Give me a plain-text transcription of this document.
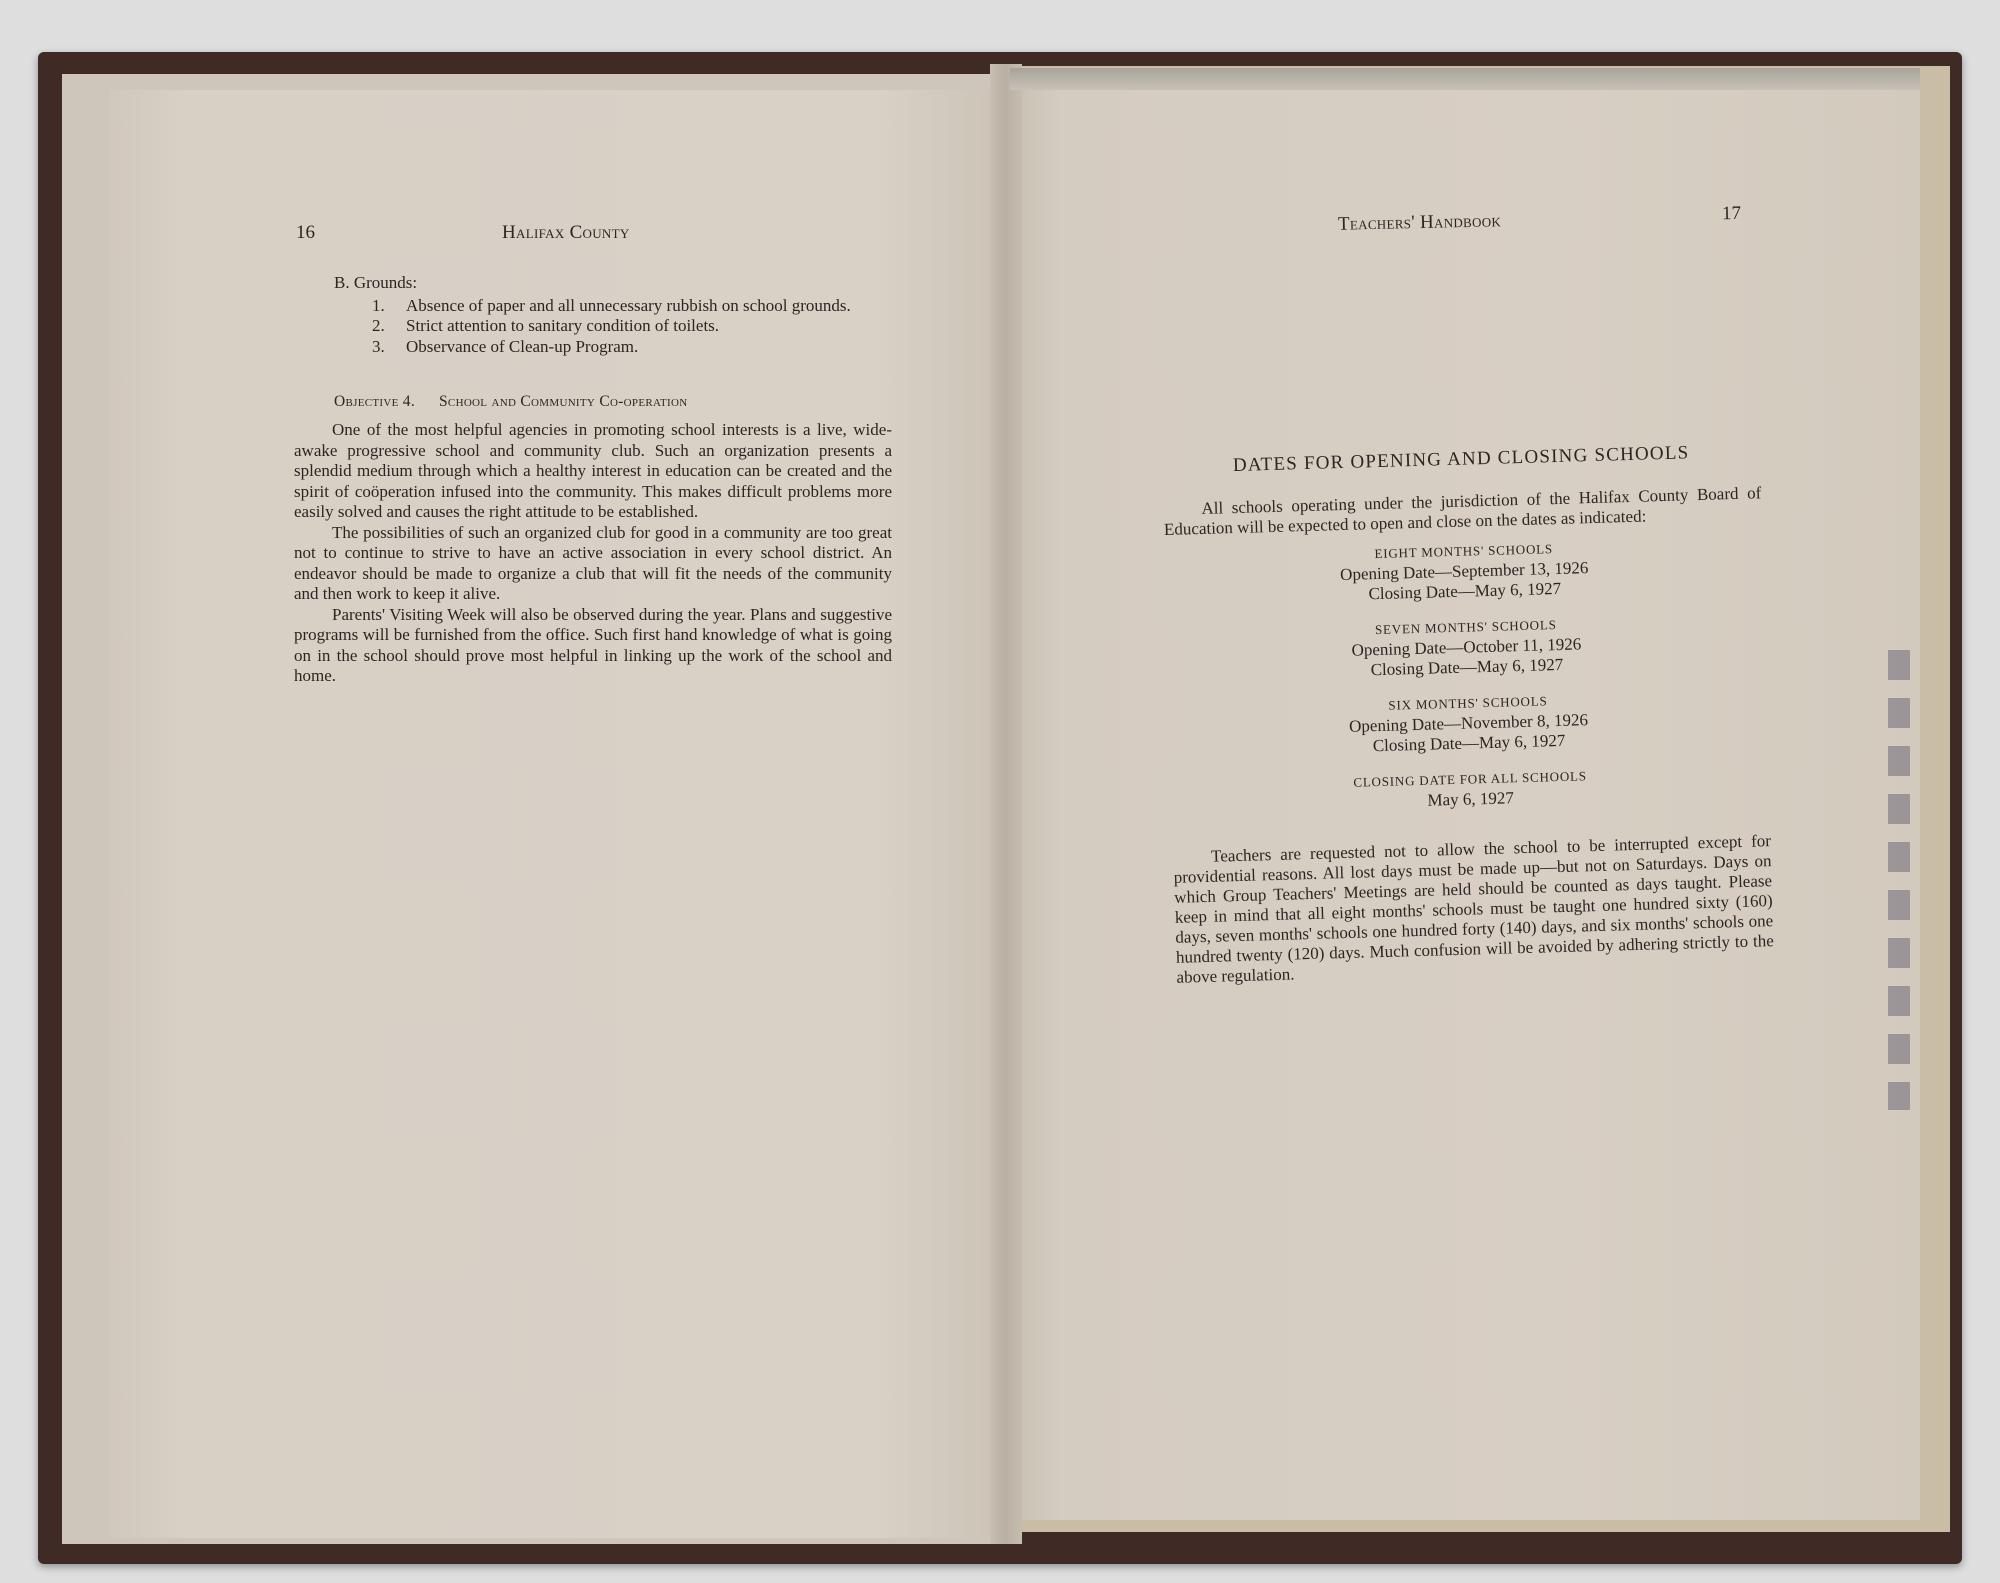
16	Halifax County
B. Grounds:
1.	Absence of paper and all unnecessary rubbish on school grounds.
2.	Strict attention to sanitary condition of toilets.
3.	Observance of Clean-up Program.
Objective 4. School and Community Co-operation

One of the most helpful agencies in promoting school interests is a live, wide-awake progressive school and community club. Such an organization presents a splendid medium through which a healthy interest in education can be created and the spirit of coöperation infused into the community. This makes difficult problems more easily solved and causes the right attitude to be established.

The possibilities of such an organized club for good in a community are too great not to continue to strive to have an active association in every school district. An endeavor should be made to organize a club that will fit the needs of the community and then work to keep it alive.

Parents' Visiting Week will also be observed during the year. Plans and suggestive programs will be furnished from the office. Such first hand knowledge of what is going on in the school should prove most helpful in linking up the work of the school and home.

Teachers' Handbook	17
DATES FOR OPENING AND CLOSING SCHOOLS

All schools operating under the jurisdiction of the Halifax County Board of Education will be expected to open and close on the dates as indicated:

EIGHT MONTHS' SCHOOLS
Opening Date—September 13, 1926
Closing Date—May 6, 1927
SEVEN MONTHS' SCHOOLS
Opening Date—October 11, 1926
Closing Date—May 6, 1927
SIX MONTHS' SCHOOLS
Opening Date—November 8, 1926
Closing Date—May 6, 1927
CLOSING DATE FOR ALL SCHOOLS
May 6, 1927

Teachers are requested not to allow the school to be interrupted except for providential reasons. All lost days must be made up—but not on Saturdays. Days on which Group Teachers' Meetings are held should be counted as days taught. Please keep in mind that all eight months' schools must be taught one hundred sixty (160) days, seven months' schools one hundred forty (140) days, and six months' schools one hundred twenty (120) days. Much confusion will be avoided by adhering strictly to the above regulation.
